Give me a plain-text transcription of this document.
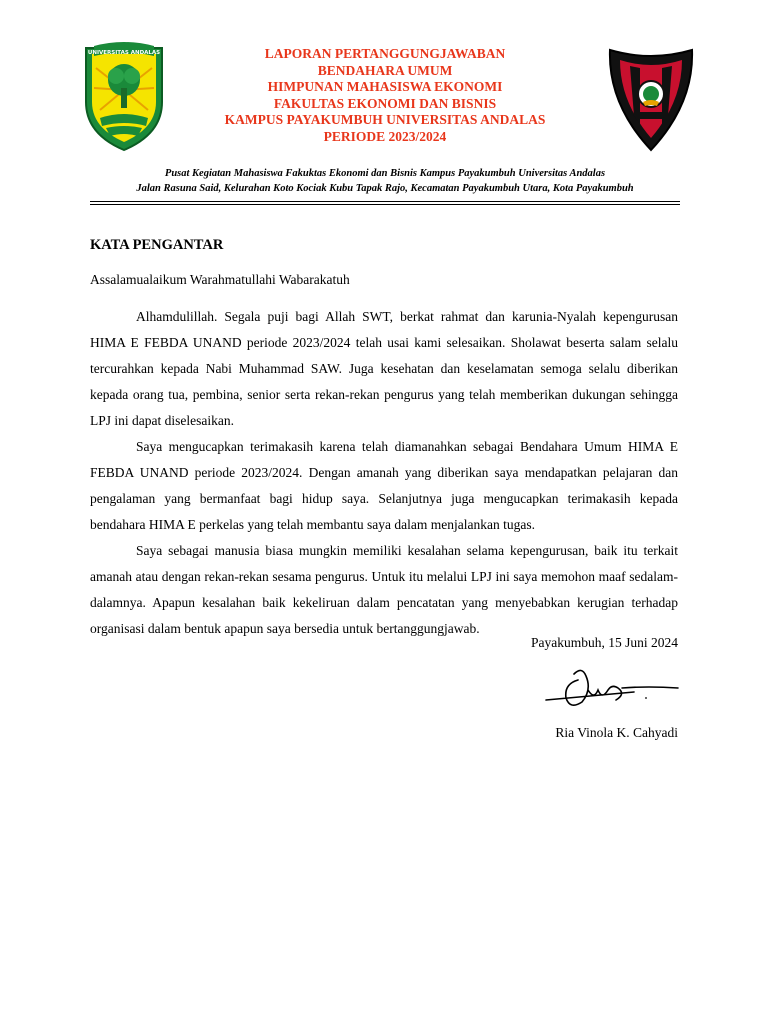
UNIVERSITAS ANDALAS	LAPORAN PERTANGGUNGJAWABAN
BENDAHARA UMUM
HIMPUNAN MAHASISWA EKONOMI
FAKULTAS EKONOMI DAN BISNIS
KAMPUS PAYAKUMBUH UNIVERSITAS ANDALAS
PERIODE 2023/2024
Pusat Kegiatan Mahasiswa Fakuktas Ekonomi dan Bisnis Kampus Payakumbuh Universitas Andalas
Jalan Rasuna Said, Kelurahan Koto Kociak Kubu Tapak Rajo, Kecamatan Payakumbuh Utara, Kota Payakumbuh
KATA PENGANTAR
Assalamualaikum Warahmatullahi Wabarakatuh

Alhamdulillah. Segala puji bagi Allah SWT, berkat rahmat dan karunia-Nyalah kepengurusan HIMA E FEBDA UNAND periode 2023/2024 telah usai kami selesaikan. Sholawat beserta salam selalu tercurahkan kepada Nabi Muhammad SAW. Juga kesehatan dan keselamatan semoga selalu diberikan kepada orang tua, pembina, senior serta rekan-rekan pengurus yang telah memberikan dukungan sehingga LPJ ini dapat diselesaikan.

Saya mengucapkan terimakasih karena telah diamanahkan sebagai Bendahara Umum HIMA E FEBDA UNAND periode 2023/2024. Dengan amanah yang diberikan saya mendapatkan pelajaran dan pengalaman yang bermanfaat bagi hidup saya. Selanjutnya juga mengucapkan terimakasih kepada bendahara HIMA E perkelas yang telah membantu saya dalam menjalankan tugas.

Saya sebagai manusia biasa mungkin memiliki kesalahan selama kepengurusan, baik itu terkait amanah atau dengan rekan-rekan sesama pengurus. Untuk itu melalui LPJ ini saya memohon maaf sedalam-dalamnya. Apapun kesalahan baik kekeliruan dalam pencatatan yang menyebabkan kerugian terhadap organisasi dalam bentuk apapun saya bersedia untuk bertanggungjawab.

Payakumbuh, 15 Juni 2024
Ria Vinola K. Cahyadi
